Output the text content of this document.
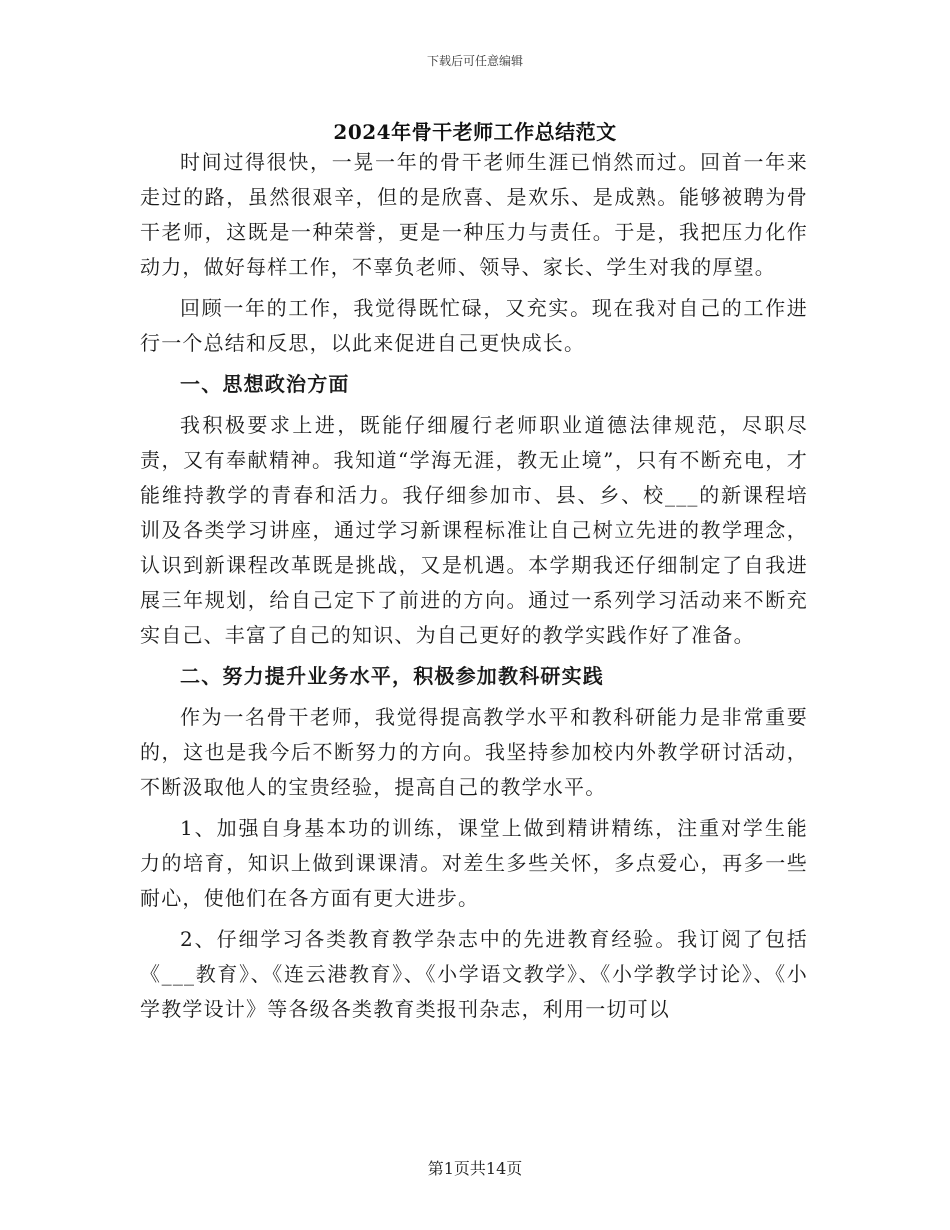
下载后可任意编辑
2024年骨干老师工作总结范文

时间过得很快，一晃一年的骨干老师生涯已悄然而过。回首一年来走过的路，虽然很艰辛，但的是欣喜、是欢乐、是成熟。能够被聘为骨干老师，这既是一种荣誉，更是一种压力与责任。于是，我把压力化作动力，做好每样工作，不辜负老师、领导、家长、学生对我的厚望。

回顾一年的工作，我觉得既忙碌，又充实。现在我对自己的工作进行一个总结和反思，以此来促进自己更快成长。

一、思想政治方面

我积极要求上进，既能仔细履行老师职业道德法律规范，尽职尽责，又有奉献精神。我知道“学海无涯，教无止境”，只有不断充电，才能维持教学的青春和活力。我仔细参加市、县、乡、校___的新课程培训及各类学习讲座，通过学习新课程标准让自己树立先进的教学理念，认识到新课程改革既是挑战，又是机遇。本学期我还仔细制定了自我进展三年规划，给自己定下了前进的方向。通过一系列学习活动来不断充实自己、丰富了自己的知识、为自己更好的教学实践作好了准备。

二、努力提升业务水平，积极参加教科研实践

作为一名骨干老师，我觉得提高教学水平和教科研能力是非常重要的，这也是我今后不断努力的方向。我坚持参加校内外教学研讨活动，不断汲取他人的宝贵经验，提高自己的教学水平。

1、加强自身基本功的训练，课堂上做到精讲精练，注重对学生能力的培育，知识上做到课课清。对差生多些关怀，多点爱心，再多一些耐心，使他们在各方面有更大进步。

2、仔细学习各类教育教学杂志中的先进教育经验。我订阅了包括《___教育》、《连云港教育》、《小学语文教学》、《小学教学讨论》、《小学教学设计》等各级各类教育类报刊杂志，利用一切可以

第1页共14页
